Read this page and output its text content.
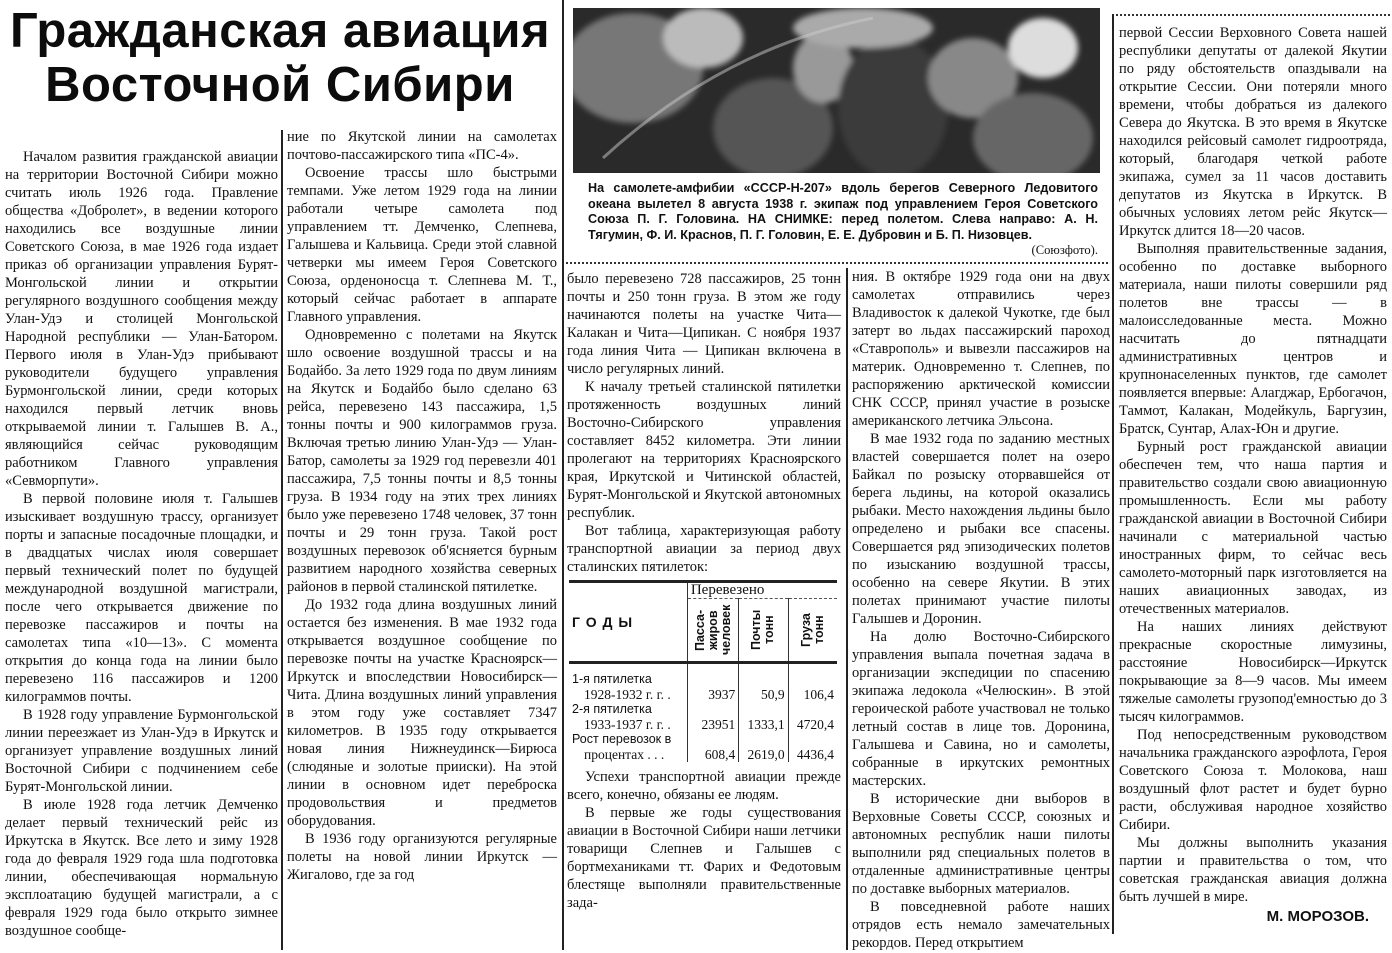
Гражданская авиация
Восточной Сибири
На самолете-амфибии «СССР-Н-207» вдоль берегов Северного Ледовитого океана вылетел 8 августа 1938 г. экипаж под управлением Героя Советского Союза П. Г. Головина. НА СНИМКЕ: перед полетом. Слева направо: А. Н. Тягумин, Ф. И. Краснов, П. Г. Головин, Е. Е. Дубровин и Б. П. Низовцев.
(Союзфото).

Началом развития гражданской авиации на территории Восточной Сибири можно считать июль 1926 года. Правление общества «Добролет», в ведении которого находились все воздушные линии Советского Союза, в мае 1926 года издает приказ об организации управления Бурят-Монгольской линии и открытии регулярного воздушного сообщения между Улан-Удэ и столицей Монгольской Народной республики — Улан-Батором. Первого июля в Улан-Удэ прибывают руководители будущего управления Бурмонгольской линии, среди которых находился первый летчик вновь открываемой линии т. Галышев В. А., являющийся сейчас руководящим работником Главного управления «Севморпути».

В первой половине июля т. Галышев изыскивает воздушную трассу, организует порты и запасные посадочные площадки, и в двадцатых числах июля совершает первый технический полет по будущей международной воздушной магистрали, после чего открывается движение по перевозке пассажиров и почты на самолетах типа «10—13». С момента открытия до конца года на линии было перевезено 116 пассажиров и 1200 килограммов почты.

В 1928 году управление Бурмонгольской линии переезжает из Улан-Удэ в Иркутск и организует управление воздушных линий Восточной Сибири с подчинением себе Бурят-Монгольской линии.

В июле 1928 года летчик Демченко делает первый технический рейс из Иркутска в Якутск. Все лето и зиму 1928 года до февраля 1929 года шла подготовка линии, обеспечивающая нормальную эксплоатацию будущей магистрали, а с февраля 1929 года было открыто зимнее воздушное сообще-

ние по Якутской линии на самолетах почтово-пассажирского типа «ПС-4».

Освоение трассы шло быстрыми темпами. Уже летом 1929 года на линии работали четыре самолета под управлением тт. Демченко, Слепнева, Галышева и Кальвица. Среди этой славной четверки мы имеем Героя Советского Союза, орденоносца т. Слепнева М. Т., который сейчас работает в аппарате Главного управления.

Одновременно с полетами на Якутск шло освоение воздушной трассы и на Бодайбо. За лето 1929 года по двум линиям на Якутск и Бодайбо было сделано 63 рейса, перевезено 143 пассажира, 1,5 тонны почты и 900 килограммов груза. Включая третью линию Улан-Удэ — Улан-Батор, самолеты за 1929 год перевезли 401 пассажира, 7,5 тонны почты и 8,5 тонны груза. В 1934 году на этих трех линиях было уже перевезено 1748 человек, 37 тонн почты и 29 тонн груза. Такой рост воздушных перевозок об'ясняется бурным развитием народного хозяйства северных районов в первой сталинской пятилетке.

До 1932 года длина воздушных линий остается без изменения. В мае 1932 года открывается воздушное сообщение по перевозке почты на участке Красноярск—Иркутск и впоследствии Новосибирск—Чита. Длина воздушных линий управления в этом году уже составляет 7347 километров. В 1935 году открывается новая линия Нижнеудинск—Бирюса (слюдяные и золотые прииски). На этой линии в основном идет переброска продовольствия и предметов оборудования.

В 1936 году организуются регулярные полеты на новой линии Иркутск — Жигалово, где за год

было перевезено 728 пассажиров, 25 тонн почты и 250 тонн груза. В этом же году начинаются полеты на участке Чита—Калакан и Чита—Ципикан. С ноября 1937 года линия Чита — Ципикан включена в число регулярных линий.

К началу третьей сталинской пятилетки протяженность воздушных линий Восточно-Сибирского управления составляет 8452 километра. Эти линии пролегают на территориях Красноярского края, Иркутской и Читинской областей, Бурят-Монгольской и Якутской автономных республик.

Вот таблица, характеризующая работу транспортной авиации за период двух сталинских пятилеток:

ГОДЫ	Перевезено		

	Пасса-жиров человек	Почты тонн	Груза тонн

1-я пятилетка
1928-1932 г. г. .	3937	50,9	106,4

2-я пятилетка
1933-1937 г. г. .	23951	1333,1	4720,4

Рост перевозок в
процентах . . .	608,4	2619,0	4436,4

Успехи транспортной авиации прежде всего, конечно, обязаны ее людям.

В первые же годы существования авиации в Восточной Сибири наши летчики товарищи Слепнев и Галышев с бортмеханиками тт. Фарих и Федотовым блестяще выполняли правительственные зада-

ния. В октябре 1929 года они на двух самолетах отправились через Владивосток к далекой Чукотке, где был затерт во льдах пассажирский пароход «Ставрополь» и вывезли пассажиров на материк. Одновременно т. Слепнев, по распоряжению арктической комиссии СНК СССР, принял участие в розыске американского летчика Эльсона.

В мае 1932 года по заданию местных властей совершается полет на озеро Байкал по розыску оторвавшейся от берега льдины, на которой оказались рыбаки. Место нахождения льдины было определено и рыбаки все спасены. Совершается ряд эпизодических полетов по изысканию воздушной трассы, особенно на севере Якутии. В этих полетах принимают участие пилоты Галышев и Доронин.

На долю Восточно-Сибирского управления выпала почетная задача в организации экспедиции по спасению экипажа ледокола «Челюскин». В этой героической работе участвовал не только летный состав в лице тов. Доронина, Галышева и Савина, но и самолеты, собранные в иркутских ремонтных мастерских.

В исторические дни выборов в Верховные Советы СССР, союзных и автономных республик наши пилоты выполнили ряд специальных полетов в отдаленные административные центры по доставке выборных материалов.

В повседневной работе наших отрядов есть немало замечательных рекордов. Перед открытием

первой Сессии Верховного Совета нашей республики депутаты от далекой Якутии по ряду обстоятельств опаздывали на открытие Сессии. Они потеряли много времени, чтобы добраться из далекого Севера до Якутска. В это время в Якутске находился рейсовый самолет гидроотряда, который, благодаря четкой работе экипажа, сумел за 11 часов доставить депутатов из Якутска в Иркутск. В обычных условиях летом рейс Якутск—Иркутск длится 18—20 часов.

Выполняя правительственные задания, особенно по доставке выборного материала, наши пилоты совершили ряд полетов вне трассы — в малоисследованные места. Можно насчитать до пятнадцати административных центров и крупнонаселенных пунктов, где самолет появляется впервые: Алагджар, Ербогачон, Таммот, Калакан, Модейкуль, Баргузин, Братск, Сунтар, Алах-Юн и другие.

Бурный рост гражданской авиации обеспечен тем, что наша партия и правительство создали свою авиационную промышленность. Если мы работу гражданской авиации в Восточной Сибири начинали с материальной частью иностранных фирм, то сейчас весь самолето-моторный парк изготовляется на наших авиационных заводах, из отечественных материалов.

На наших линиях действуют прекрасные скоростные лимузины, расстояние Новосибирск—Иркутск покрывающие за 8—9 часов. Мы имеем тяжелые самолеты грузопод'емностью до 3 тысяч килограммов.

Под непосредственным руководством начальника гражданского аэрофлота, Героя Советского Союза т. Молокова, наш воздушный флот растет и будет бурно расти, обслуживая народное хозяйство Сибири.

Мы должны выполнить указания партии и правительства о том, что советская гражданская авиация должна быть лучшей в мире.

М. МОРОЗОВ.
